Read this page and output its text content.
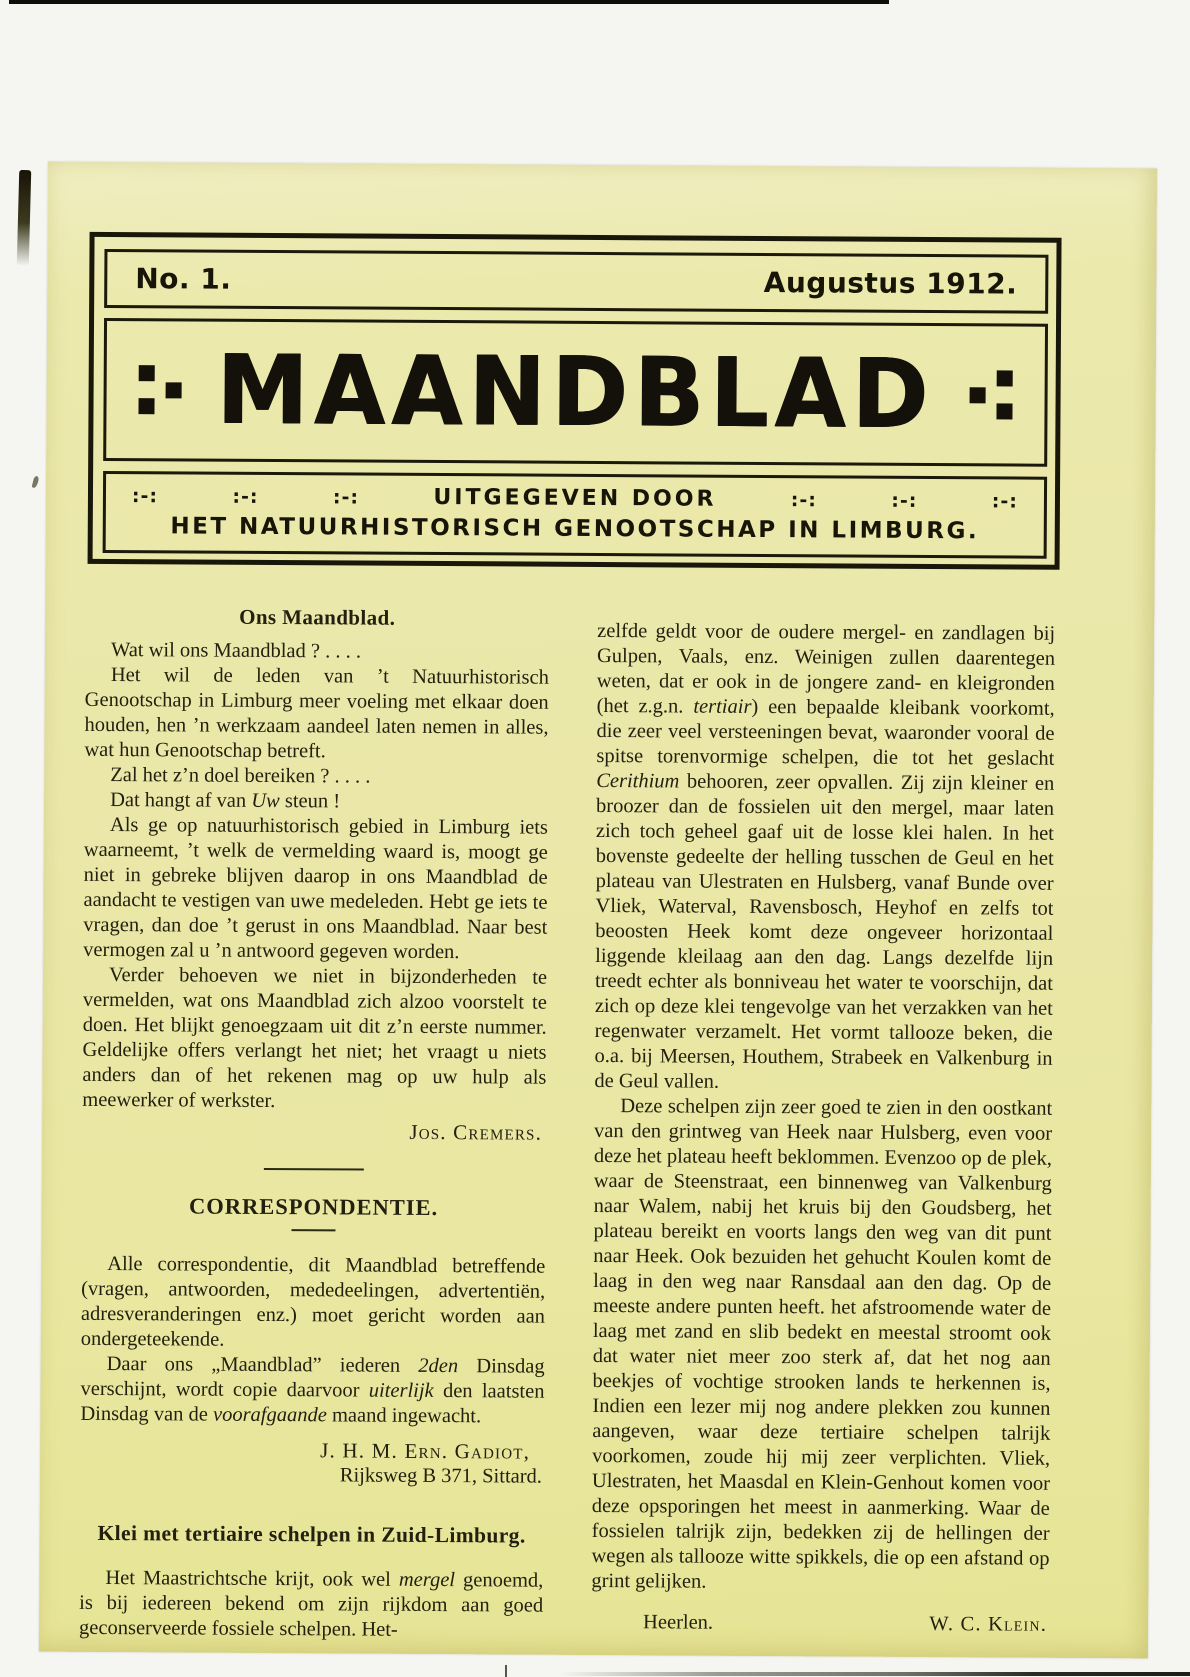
No. 1.	Augustus 1912.
MAANDBLAD
:-:	:-:	:-:	UITGEGEVEN DOOR	:-:	:-:	:-:
HET NATUURHISTORISCH GENOOTSCHAP IN LIMBURG.
Ons Maandblad.
Wat wil ons Maandblad ? . . . .
Het wil de leden van ’t Natuurhistorisch Genootschap in Limburg meer voeling met elkaar doen houden, hen ’n werkzaam aandeel laten nemen in alles, wat hun Genootschap betreft.
Zal het z’n doel bereiken ? . . . .
Dat hangt af van Uw steun !
Als ge op natuurhistorisch gebied in Limburg iets waarneemt, ’t welk de vermelding waard is, moogt ge niet in gebreke blijven daarop in ons Maandblad de aandacht te vestigen van uwe medeleden. Hebt ge iets te vragen, dan doe ’t gerust in ons Maandblad. Naar best vermogen zal u ’n antwoord gegeven worden.
Verder behoeven we niet in bijzonderheden te vermelden, wat ons Maandblad zich alzoo voorstelt te doen. Het blijkt genoegzaam uit dit z’n eerste nummer. Geldelijke offers verlangt het niet; het vraagt u niets anders dan of het rekenen mag op uw hulp als meewerker of werkster.
Jos. Cremers.
CORRESPONDENTIE.
Alle correspondentie, dit Maandblad betreffende (vragen, antwoorden, mededeelingen, advertentiën, adresveranderingen enz.) moet gericht worden aan ondergeteekende.
Daar ons „Maandblad” iederen 2den Dinsdag verschijnt, wordt copie daarvoor uiterlijk den laatsten Dinsdag van de voorafgaande maand ingewacht.
J. H. M. Ern. Gadiot,
Rijksweg B 371, Sittard.
Klei met tertiaire schelpen in Zuid-Limburg.
Het Maastrichtsche krijt, ook wel mergel genoemd, is bij iedereen bekend om zijn rijkdom aan goed geconserveerde fossiele schelpen. Het-
zelfde geldt voor de oudere mergel- en zandlagen bij Gulpen, Vaals, enz. Weinigen zullen daarentegen weten, dat er ook in de jongere zand- en kleigronden (het z.g.n. tertiair) een bepaalde kleibank voorkomt, die zeer veel versteeningen bevat, waaronder vooral de spitse torenvormige schelpen, die tot het geslacht Cerithium behooren, zeer opvallen. Zij zijn kleiner en broozer dan de fossielen uit den mergel, maar laten zich toch geheel gaaf uit de losse klei halen. In het bovenste gedeelte der helling tusschen de Geul en het plateau van Ulestraten en Hulsberg, vanaf Bunde over Vliek, Waterval, Ravensbosch, Heyhof en zelfs tot beoosten Heek komt deze ongeveer horizontaal liggende kleilaag aan den dag. Langs dezelfde lijn treedt echter als bonniveau het water te voorschijn, dat zich op deze klei tengevolge van het verzakken van het regenwater verzamelt. Het vormt tallooze beken, die o.a. bij Meersen, Houthem, Strabeek en Valkenburg in de Geul vallen.
Deze schelpen zijn zeer goed te zien in den oostkant van den grintweg van Heek naar Hulsberg, even voor deze het plateau heeft beklommen. Evenzoo op de plek, waar de Steenstraat, een binnenweg van Valkenburg naar Walem, nabij het kruis bij den Goudsberg, het plateau bereikt en voorts langs den weg van dit punt naar Heek. Ook bezuiden het gehucht Koulen komt de laag in den weg naar Ransdaal aan den dag. Op de meeste andere punten heeft. het afstroomende water de laag met zand en slib bedekt en meestal stroomt ook dat water niet meer zoo sterk af, dat het nog aan beekjes of vochtige strooken lands te herkennen is, Indien een lezer mij nog andere plekken zou kunnen aangeven, waar deze tertiaire schelpen talrijk voorkomen, zoude hij mij zeer verplichten. Vliek, Ulestraten, het Maasdal en Klein-Genhout komen voor deze opsporingen het meest in aanmerking. Waar de fossielen talrijk zijn, bedekken zij de hellingen der wegen als tallooze witte spikkels, die op een afstand op grint gelijken.
Heerlen.	W. C. Klein.
